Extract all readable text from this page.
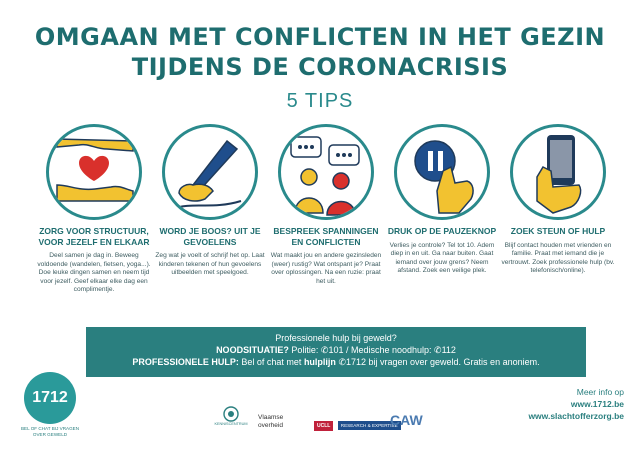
OMGAAN MET CONFLICTEN IN HET GEZIN
TIJDENS DE CORONACRISIS
5 TIPS
ZORG VOOR STRUCTUUR, VOOR JEZELF EN ELKAAR
Deel samen je dag in. Beweeg voldoende (wandelen, fietsen, yoga...). Doe leuke dingen samen en neem tijd voor jezelf. Geef elkaar elke dag een complimentje.
WORD JE BOOS? UIT JE GEVOELENS
Zeg wat je voelt of schrijf het op. Laat kinderen tekenen of hun gevoelens uitbeelden met speelgoed.
BESPREEK SPANNINGEN EN CONFLICTEN
Wat maakt jou en andere gezinsleden (weer) rustig? Wat ontspant je? Praat over oplossingen. Na een ruzie: praat het uit.
DRUK OP DE PAUZEKNOP
Verlies je controle? Tel tot 10. Adem diep in en uit. Ga naar buiten. Gaat iemand over jouw grens? Neem afstand. Zoek een veilige plek.
ZOEK STEUN OF HULP
Blijf contact houden met vrienden en familie. Praat met iemand die je vertrouwt. Zoek professionele hulp (bv. telefonisch/online).
Professionele hulp bij geweld?
NOODSITUATIE? Politie: ✆101 / Medische noodhulp: ✆112
PROFESSIONELE HULP: Bel of chat met hulplijn ✆1712 bij vragen over geweld. Gratis en anoniem.
1712
BEL OF CHAT BIJ VRAGEN OVER GEWELD
KENNISCENTRUM
Vlaamse
overheid	UCLL RESEARCH & EXPERTISE
CAW
Meer info op
www.1712.be
www.slachtofferzorg.be
